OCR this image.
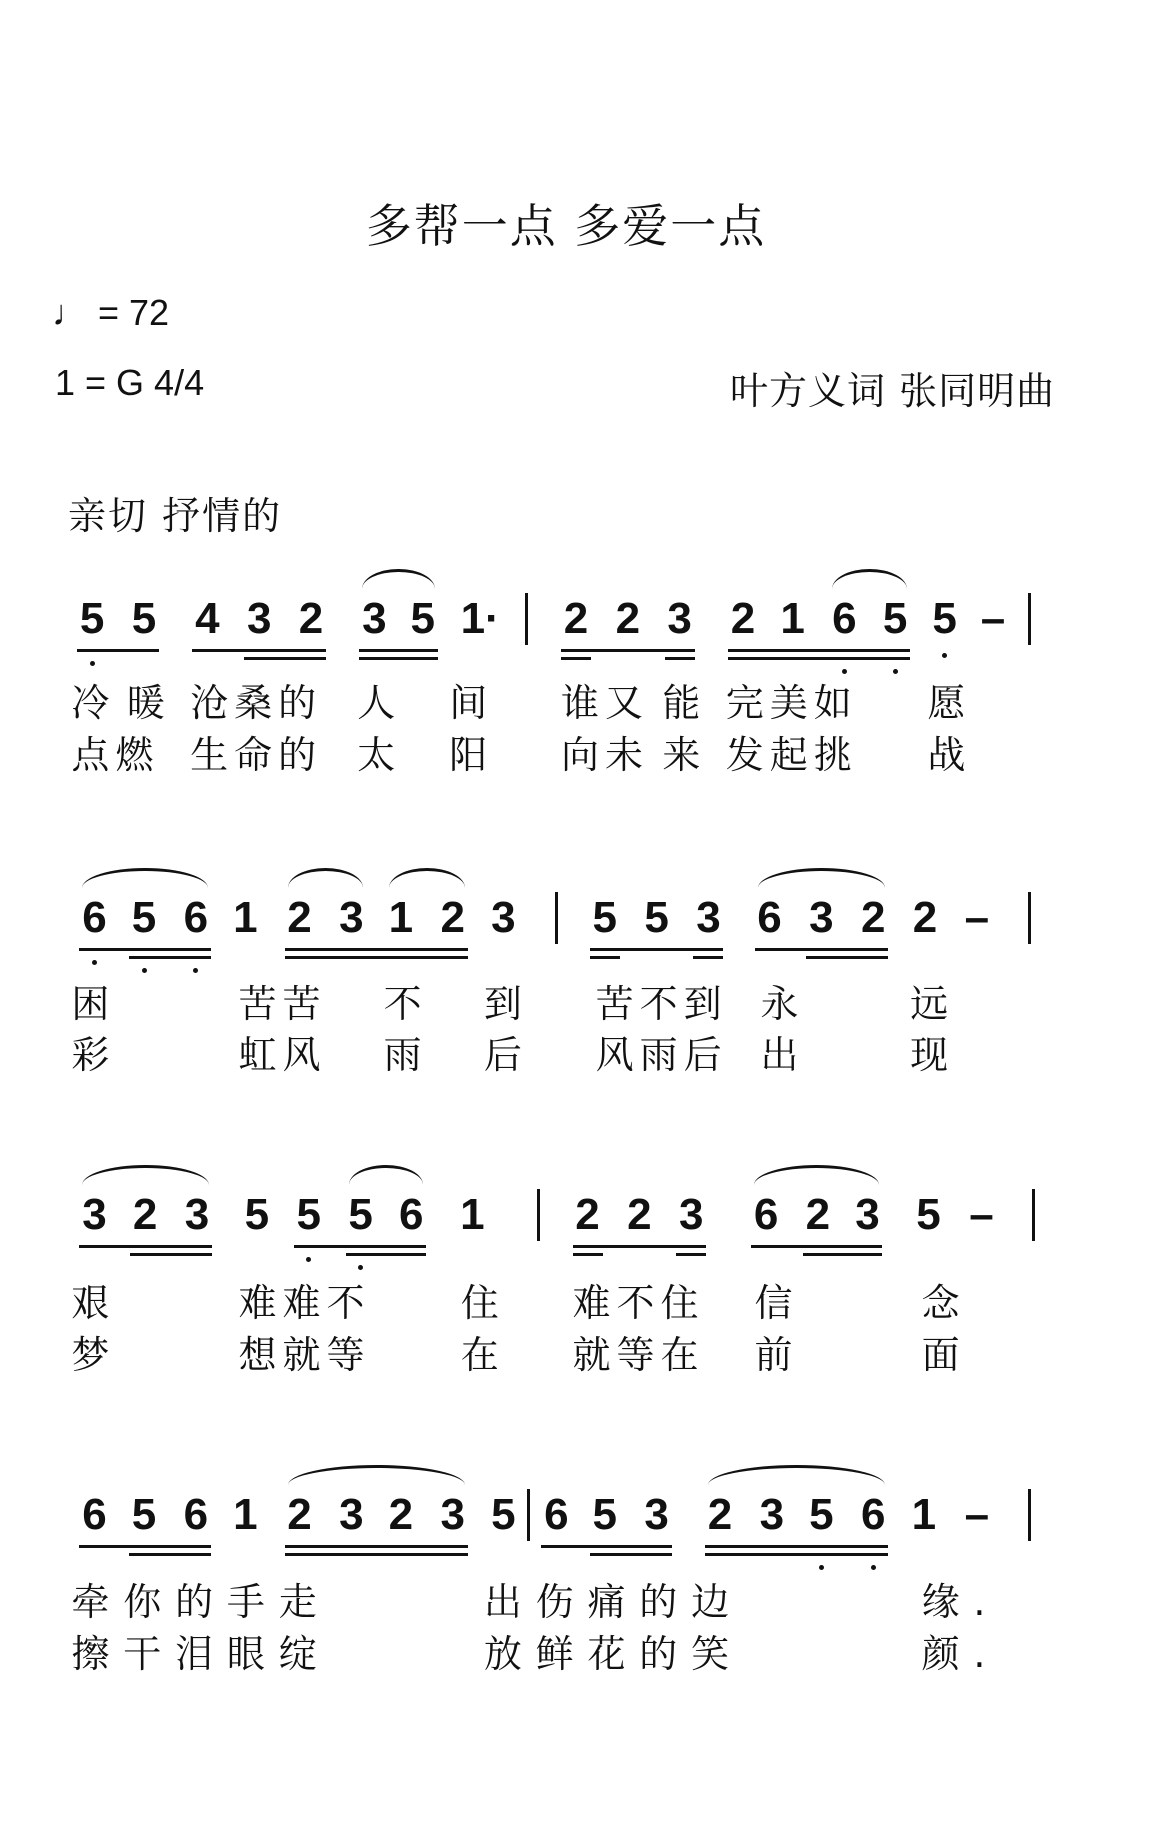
多帮一点 多爱一点
♩ = 72
1 = G 4/4	叶方义词 张同明曲
亲切 抒情的
5 5 4 3 2 3 5 1· 2 2 3 2 1 6 5 5 –
冷 暖 沧桑的 人 间 谁又 能 完美如 愿
点燃 生命的 太 阳 向未 来 发起挑 战
6 5 6 1 2 3 1 2 3 5 5 3 6 3 2 2 –
困	苦苦 不 到 苦不到 永	远
彩	虹风 雨 后 风雨后 出	现
3 2 3 5 5 5 6 1 2 2 3 6 2 3 5 –
艰	难难不 住 难不住 信	念
梦	想就等 在 就等在 前	面
6 5 6 1 2 3 2 3 5 6 5 3 2 3 5 6 1 –
牵你的手走	出伤痛的边	缘.
擦干泪眼绽	放鲜花的笑	颜.
